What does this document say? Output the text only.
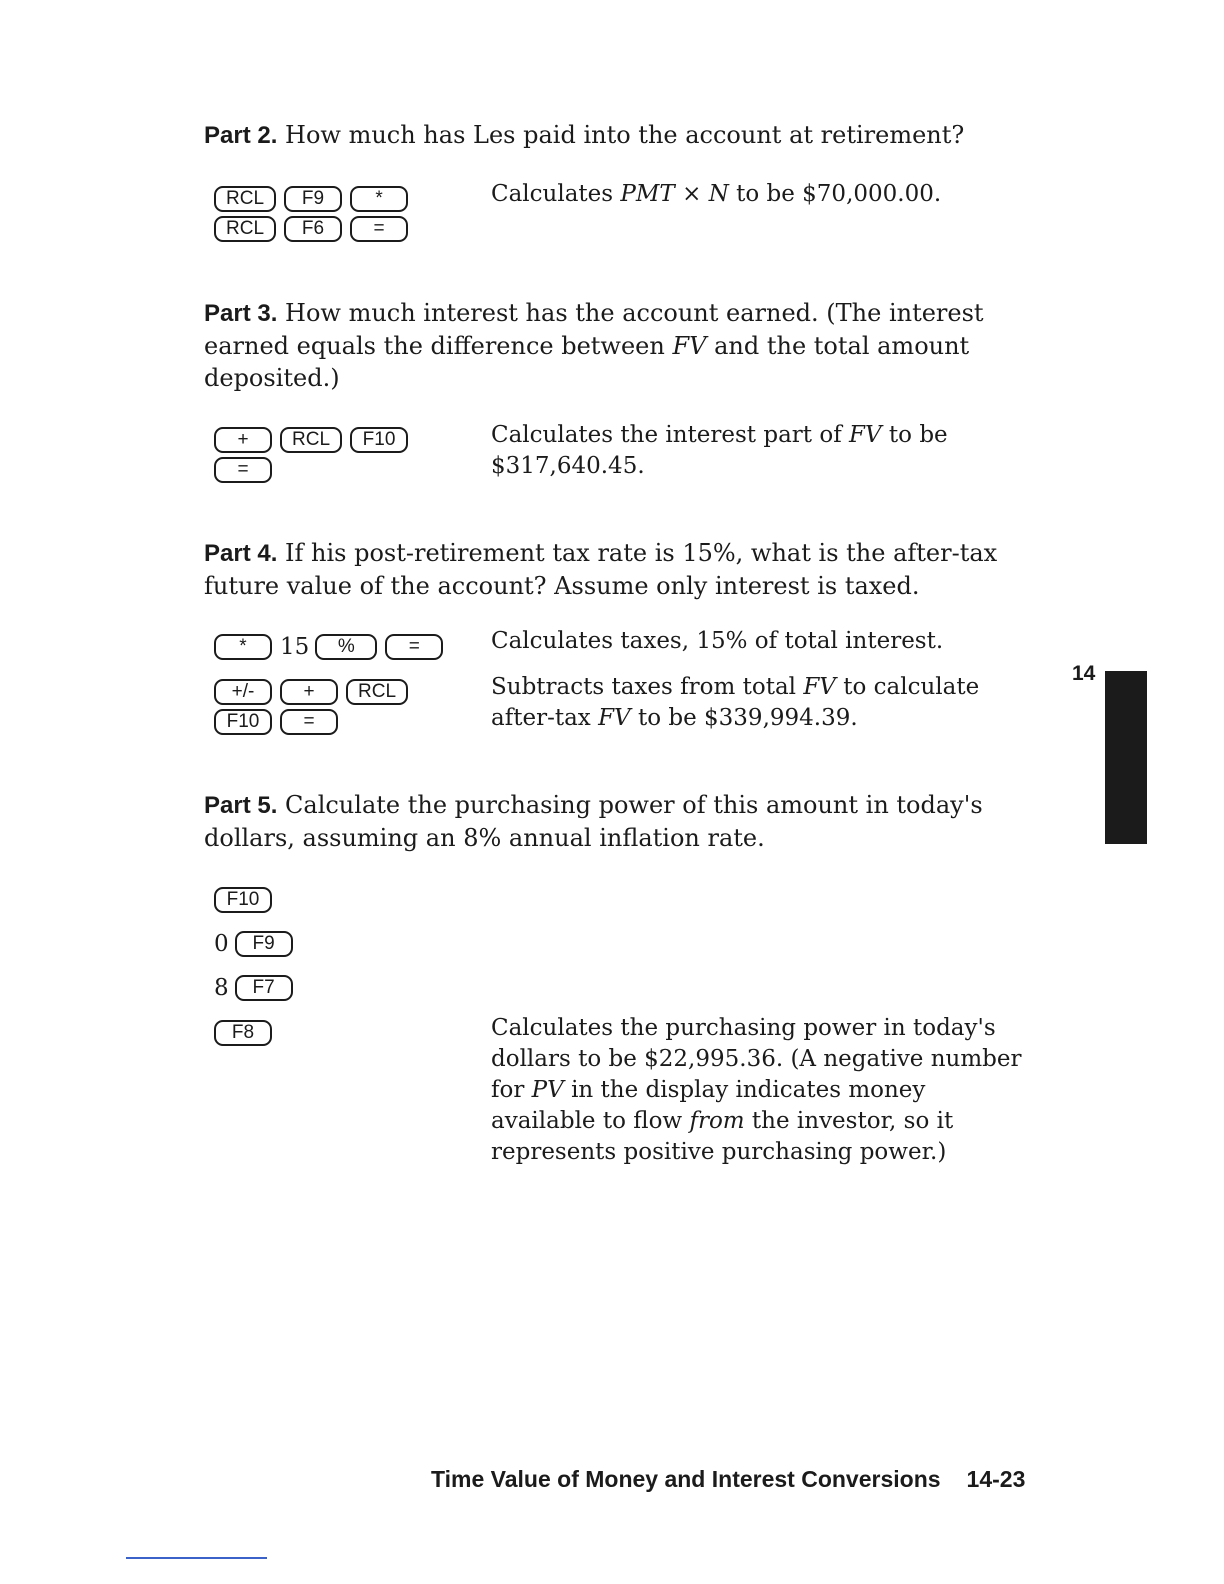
Part 2. How much has Les paid into the account at retirement?
RCL F9	*
RCL F6	=
Calculates PMT × N to be $70,000.00.
Part 3. How much interest has the account earned. (The interest earned equals the difference between FV and the total amount deposited.)
+ RCL F10
=
Calculates the interest part of FV to be $317,640.45.
Part 4. If his post-retirement tax rate is 15%, what is the after-tax future value of the account? Assume only interest is taxed.
* 15 %	=	Calculates taxes, 15% of total interest.
+/-	+ RCL
F10 =
Subtracts taxes from total FV to calculate after-tax FV to be $339,994.39.
14
Part 5. Calculate the purchasing power of this amount in today's dollars, assuming an 8% annual inflation rate.
F10
0 F9
8 F7
F8	Calculates the purchasing power in today's dollars to be $22,995.36. (A negative number for PV in the display indicates money available to flow from the investor, so it represents positive purchasing power.)
Time Value of Money and Interest Conversions 14-23
